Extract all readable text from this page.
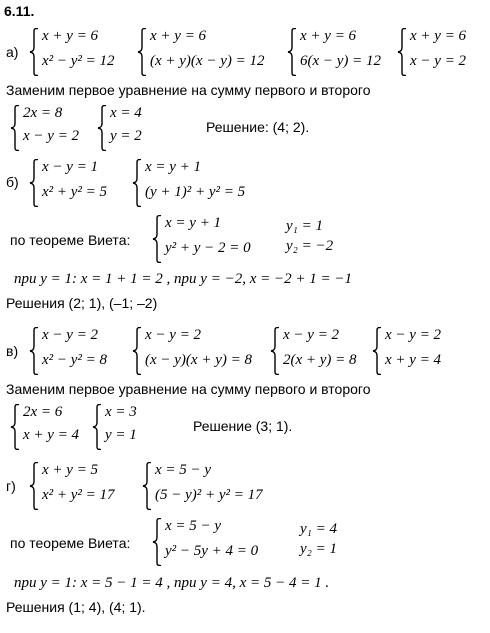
6.11.
а)
x + y = 6
x² − y² = 12
x + y = 6
(x + y)(x − y) = 12
x + y = 6
6(x − y) = 12
x + y = 6
x − y = 2
Заменим первое уравнение на сумму первого и второго
2x = 8
x − y = 2
x = 4
y = 2
Решение: (4; 2).
б)
x − y = 1
x² + y² = 5
x = y + 1
(y + 1)² + y² = 5
по теореме Виета:
x = y + 1
y² + y − 2 = 0
y₁ = 1
y₂ = −2
при y = 1: x = 1 + 1 = 2 , при y = −2, x = −2 + 1 = −1
Решения (2; 1), (–1; –2)
в)
x − y = 2
x² − y² = 8
x − y = 2
(x − y)(x + y) = 8
x − y = 2
2(x + y) = 8
x − y = 2
x + y = 4
Заменим первое уравнение на сумму первого и второго
2x = 6
x + y = 4
x = 3
y = 1
Решение (3; 1).
г)
x + y = 5
x² + y² = 17
x = 5 − y
(5 − y)² + y² = 17
по теореме Виета:
x = 5 − y
y² − 5y + 4 = 0
y₁ = 4
y₂ = 1
при y = 1: x = 5 − 1 = 4 , при y = 4, x = 5 − 4 = 1 .
Решения (1; 4), (4; 1).
